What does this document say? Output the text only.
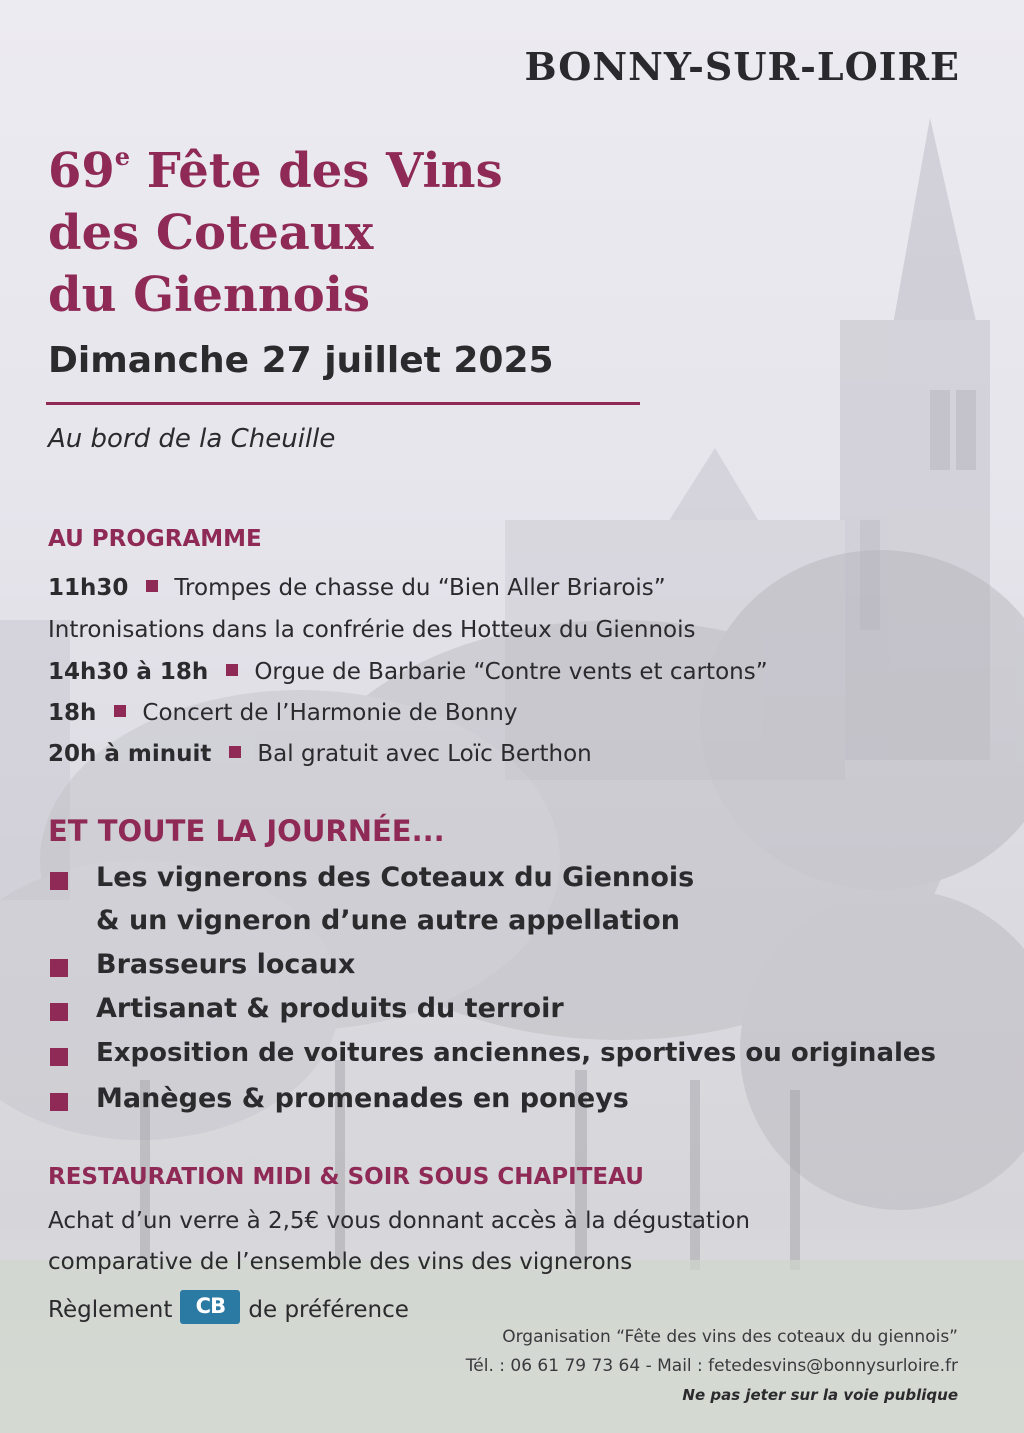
BONNY-SUR-LOIRE
69e Fête des Vins
des Coteaux
du Giennois
Dimanche 27 juillet 2025
Au bord de la Cheuille
AU PROGRAMME
11h30 Trompes de chasse du “Bien Aller Briarois”
Intronisations dans la confrérie des Hotteux du Giennois
14h30 à 18h Orgue de Barbarie “Contre vents et cartons”
18h Concert de l’Harmonie de Bonny
20h à minuit Bal gratuit avec Loïc Berthon
ET TOUTE LA JOURNÉE...
Les vignerons des Coteaux du Giennois
& un vigneron d’une autre appellation
Brasseurs locaux
Artisanat & produits du terroir
Exposition de voitures anciennes, sportives ou originales
Manèges & promenades en poneys
RESTAURATION MIDI & SOIR SOUS CHAPITEAU
Achat d’un verre à 2,5€ vous donnant accès à la dégustation
comparative de l’ensemble des vins des vignerons
Règlement	CB	de préférence
Organisation “Fête des vins des coteaux du giennois”
Tél. : 06 61 79 73 64 - Mail : fetedesvins@bonnysurloire.fr
Ne pas jeter sur la voie publique
